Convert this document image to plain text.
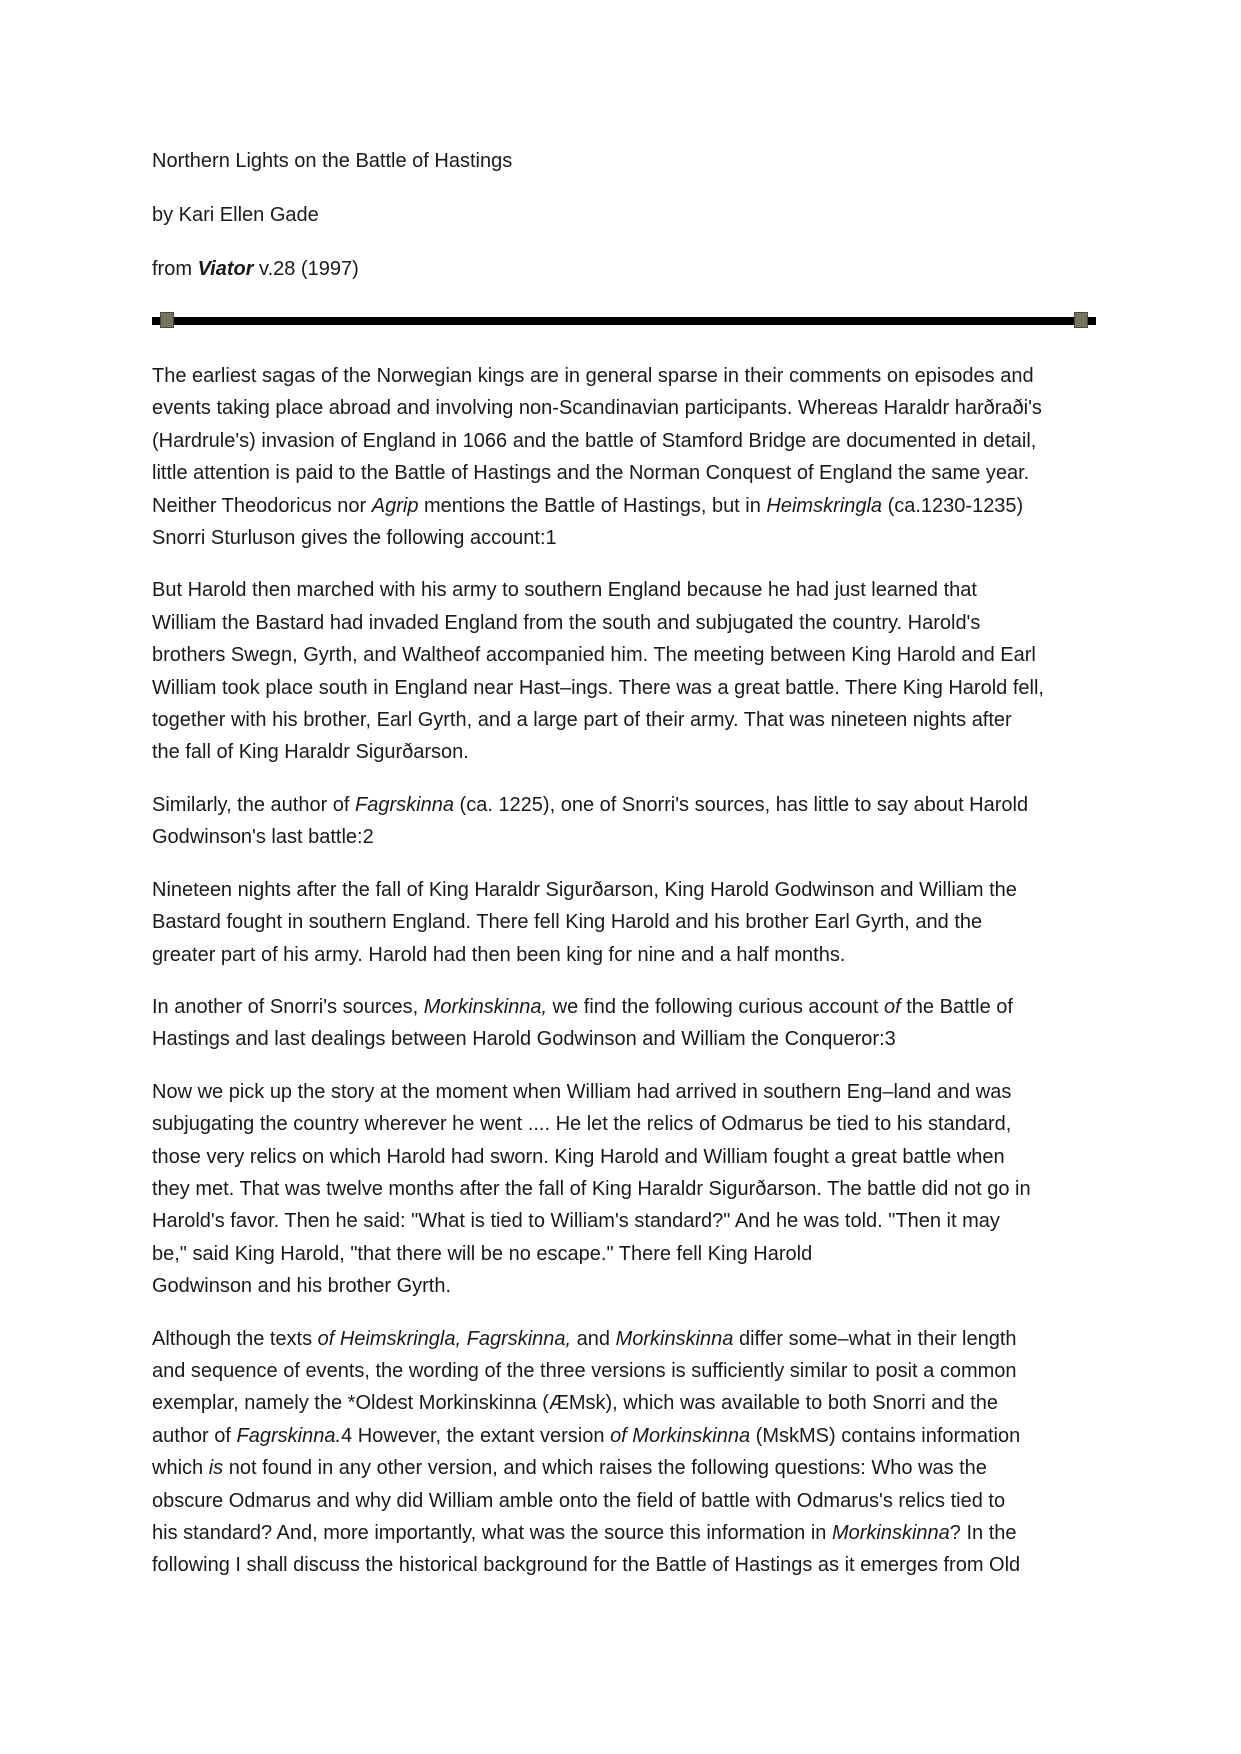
Northern Lights on the Battle of Hastings
by Kari Ellen Gade
from Viator v.28 (1997)

The earliest sagas of the Norwegian kings are in general sparse in their comments on episodes and
events taking place abroad and involving non-Scandinavian participants. Whereas Haraldr harðraði's
(Hardrule's) invasion of England in 1066 and the battle of Stamford Bridge are documented in detail,
little attention is paid to the Battle of Hastings and the Norman Conquest of England the same year.
Neither Theodoricus nor Agrip mentions the Battle of Hastings, but in Heimskringla (ca.1230-1235)
Snorri Sturluson gives the following account:1

But Harold then marched with his army to southern England because he had just learned that
William the Bastard had invaded England from the south and subjugated the country. Harold's
brothers Swegn, Gyrth, and Waltheof accompanied him. The meeting between King Harold and Earl
William took place south in England near Hast–ings. There was a great battle. There King Harold fell,
together with his brother, Earl Gyrth, and a large part of their army. That was nineteen nights after
the fall of King Haraldr Sigurðarson.

Similarly, the author of Fagrskinna (ca. 1225), one of Snorri's sources, has little to say about Harold
Godwinson's last battle:2

Nineteen nights after the fall of King Haraldr Sigurðarson, King Harold Godwinson and William the
Bastard fought in southern England. There fell King Harold and his brother Earl Gyrth, and the
greater part of his army. Harold had then been king for nine and a half months.

In another of Snorri's sources, Morkinskinna, we find the following curious account of the Battle of
Hastings and last dealings between Harold Godwinson and William the Conqueror:3

Now we pick up the story at the moment when William had arrived in southern Eng–land and was
subjugating the country wherever he went .... He let the relics of Odmarus be tied to his standard,
those very relics on which Harold had sworn. King Harold and William fought a great battle when
they met. That was twelve months after the fall of King Haraldr Sigurðarson. The battle did not go in
Harold's favor. Then he said: "What is tied to William's standard?" And he was told. "Then it may
be," said King Harold, "that there will be no escape." There fell King Harold
Godwinson and his brother Gyrth.

Although the texts of Heimskringla, Fagrskinna, and Morkinskinna differ some–what in their length
and sequence of events, the wording of the three versions is sufficiently similar to posit a common
exemplar, namely the *Oldest Morkinskinna (ÆMsk), which was available to both Snorri and the
author of Fagrskinna.4 However, the extant version of Morkinskinna (MskMS) contains information
which is not found in any other version, and which raises the following questions: Who was the
obscure Odmarus and why did William amble onto the field of battle with Odmarus's relics tied to
his standard? And, more importantly, what was the source this information in Morkinskinna? In the
following I shall discuss the historical background for the Battle of Hastings as it emerges from Old
